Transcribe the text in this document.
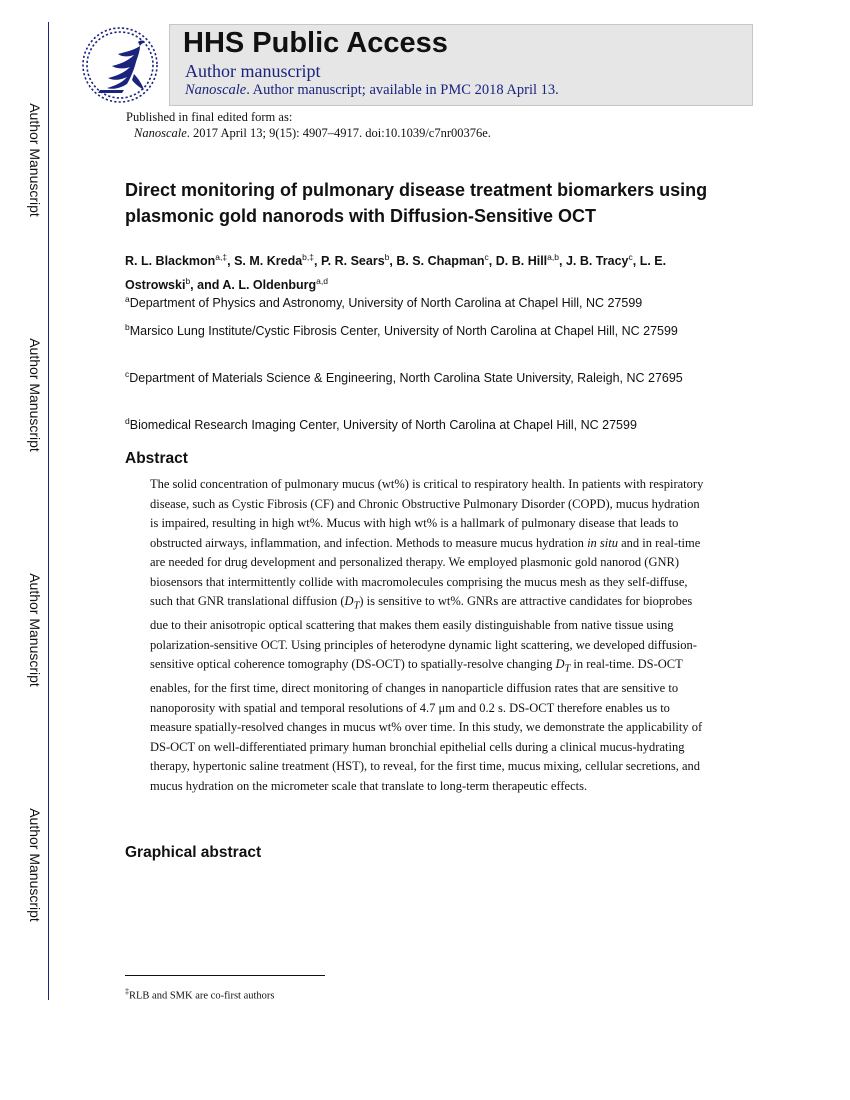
Author Manuscript
Author Manuscript
Author Manuscript
Author Manuscript
HHS Public Access
Author manuscript
Nanoscale. Author manuscript; available in PMC 2018 April 13.
Published in final edited form as:
Nanoscale. 2017 April 13; 9(15): 4907–4917. doi:10.1039/c7nr00376e.
Direct monitoring of pulmonary disease treatment biomarkers using plasmonic gold nanorods with Diffusion-Sensitive OCT
R. L. Blackmon$^{a,\ddagger}$, S. M. Kreda$^{b,\ddagger}$, P. R. Sears$^b$, B. S. Chapman$^c$, D. B. Hill$^{a,b}$, J. B. Tracy$^c$, L. E. Ostrowski$^b$, and A. L. Oldenburg$^{a,d}$
$^a$Department of Physics and Astronomy, University of North Carolina at Chapel Hill, NC 27599
$^b$Marsico Lung Institute/Cystic Fibrosis Center, University of North Carolina at Chapel Hill, NC 27599
$^c$Department of Materials Science & Engineering, North Carolina State University, Raleigh, NC 27695
$^d$Biomedical Research Imaging Center, University of North Carolina at Chapel Hill, NC 27599
Abstract

The solid concentration of pulmonary mucus (wt%) is critical to respiratory health. In patients with respiratory disease, such as Cystic Fibrosis (CF) and Chronic Obstructive Pulmonary Disorder (COPD), mucus hydration is impaired, resulting in high wt%. Mucus with high wt% is a hallmark of pulmonary disease that leads to obstructed airways, inflammation, and infection. Methods to measure mucus hydration in situ and in real-time are needed for drug development and personalized therapy. We employed plasmonic gold nanorod (GNR) biosensors that intermittently collide with macromolecules comprising the mucus mesh as they self-diffuse, such that GNR translational diffusion $(D_T)$ is sensitive to wt%. GNRs are attractive candidates for bioprobes due to their anisotropic optical scattering that makes them easily distinguishable from native tissue using polarization-sensitive OCT. Using principles of heterodyne dynamic light scattering, we developed diffusion-sensitive optical coherence tomography (DS-OCT) to spatially-resolve changing $D_T$ in real-time. DS-OCT enables, for the first time, direct monitoring of changes in nanoparticle diffusion rates that are sensitive to nanoporosity with spatial and temporal resolutions of 4.7 μm and 0.2 s. DS-OCT therefore enables us to measure spatially-resolved changes in mucus wt% over time. In this study, we demonstrate the applicability of DS-OCT on well-differentiated primary human bronchial epithelial cells during a clinical mucus-hydrating therapy, hypertonic saline treatment (HST), to reveal, for the first time, mucus mixing, cellular secretions, and mucus hydration on the micrometer scale that translate to long-term therapeutic effects.

Graphical abstract
‡RLB and SMK are co-first authors
